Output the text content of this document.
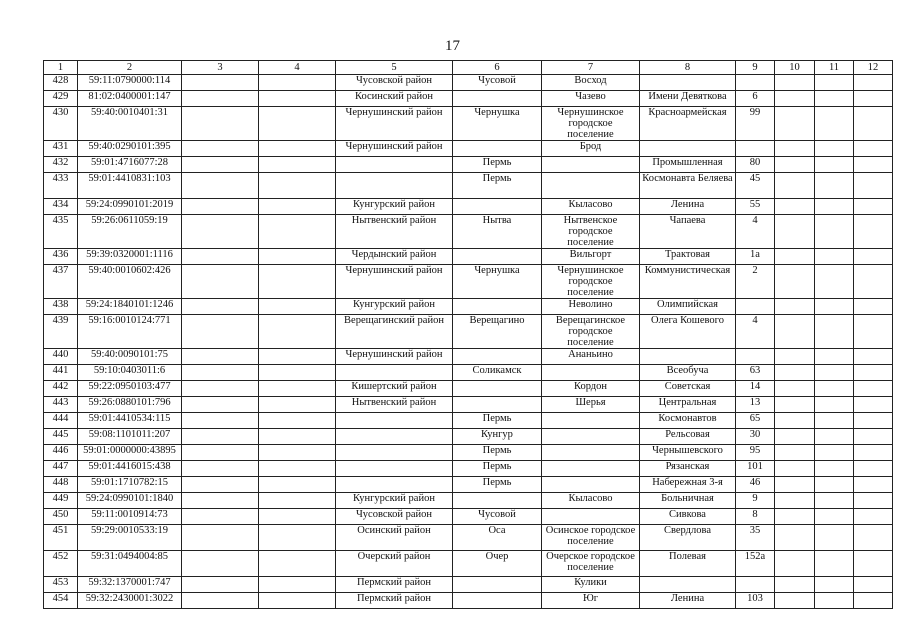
17
1	2	3	4	5	6	7	8	9	10	11	12
428	59:11:0790000:114			Чусовской район	Чусовой	Восход					
429	81:02:0400001:147			Косинский район		Чазево	Имени Девяткова	6			
430	59:40:0010401:31			Чернушинский район	Чернушка	Чернушинское городское поселение	Красноармейская	99			
431	59:40:0290101:395			Чернушинский район		Брод					
432	59:01:4716077:28				Пермь		Промышленная	80			
433	59:01:4410831:103				Пермь		Космонавта Беляева	45			
434	59:24:0990101:2019			Кунгурский район		Кыласово	Ленина	55			
435	59:26:0611059:19			Нытвенский район	Нытва	Нытвенское городское поселение	Чапаева	4			
436	59:39:0320001:1116			Чердынский район		Вильгорт	Трактовая	1а			
437	59:40:0010602:426			Чернушинский район	Чернушка	Чернушинское городское поселение	Коммунистическая	2			
438	59:24:1840101:1246			Кунгурский район		Неволино	Олимпийская				
439	59:16:0010124:771			Верещагинский район	Верещагино	Верещагинское городское поселение	Олега Кошевого	4			
440	59:40:0090101:75			Чернушинский район		Ананьино					
441	59:10:0403011:6				Соликамск		Всеобуча	63			
442	59:22:0950103:477			Кишертский район		Кордон	Советская	14			
443	59:26:0880101:796			Нытвенский район		Шерья	Центральная	13			
444	59:01:4410534:115				Пермь		Космонавтов	65			
445	59:08:1101011:207				Кунгур		Рельсовая	30			
446	59:01:0000000:43895				Пермь		Чернышевского	95			
447	59:01:4416015:438				Пермь		Рязанская	101			
448	59:01:1710782:15				Пермь		Набережная 3-я	46			
449	59:24:0990101:1840			Кунгурский район		Кыласово	Больничная	9			
450	59:11:0010914:73			Чусовской район	Чусовой		Сивкова	8			
451	59:29:0010533:19			Осинский район	Оса	Осинское городское поселение	Свердлова	35			
452	59:31:0494004:85			Очерский район	Очер	Очерское городское поселение	Полевая	152а			
453	59:32:1370001:747			Пермский район		Кулики					
454	59:32:2430001:3022			Пермский район		Юг	Ленина	103			
